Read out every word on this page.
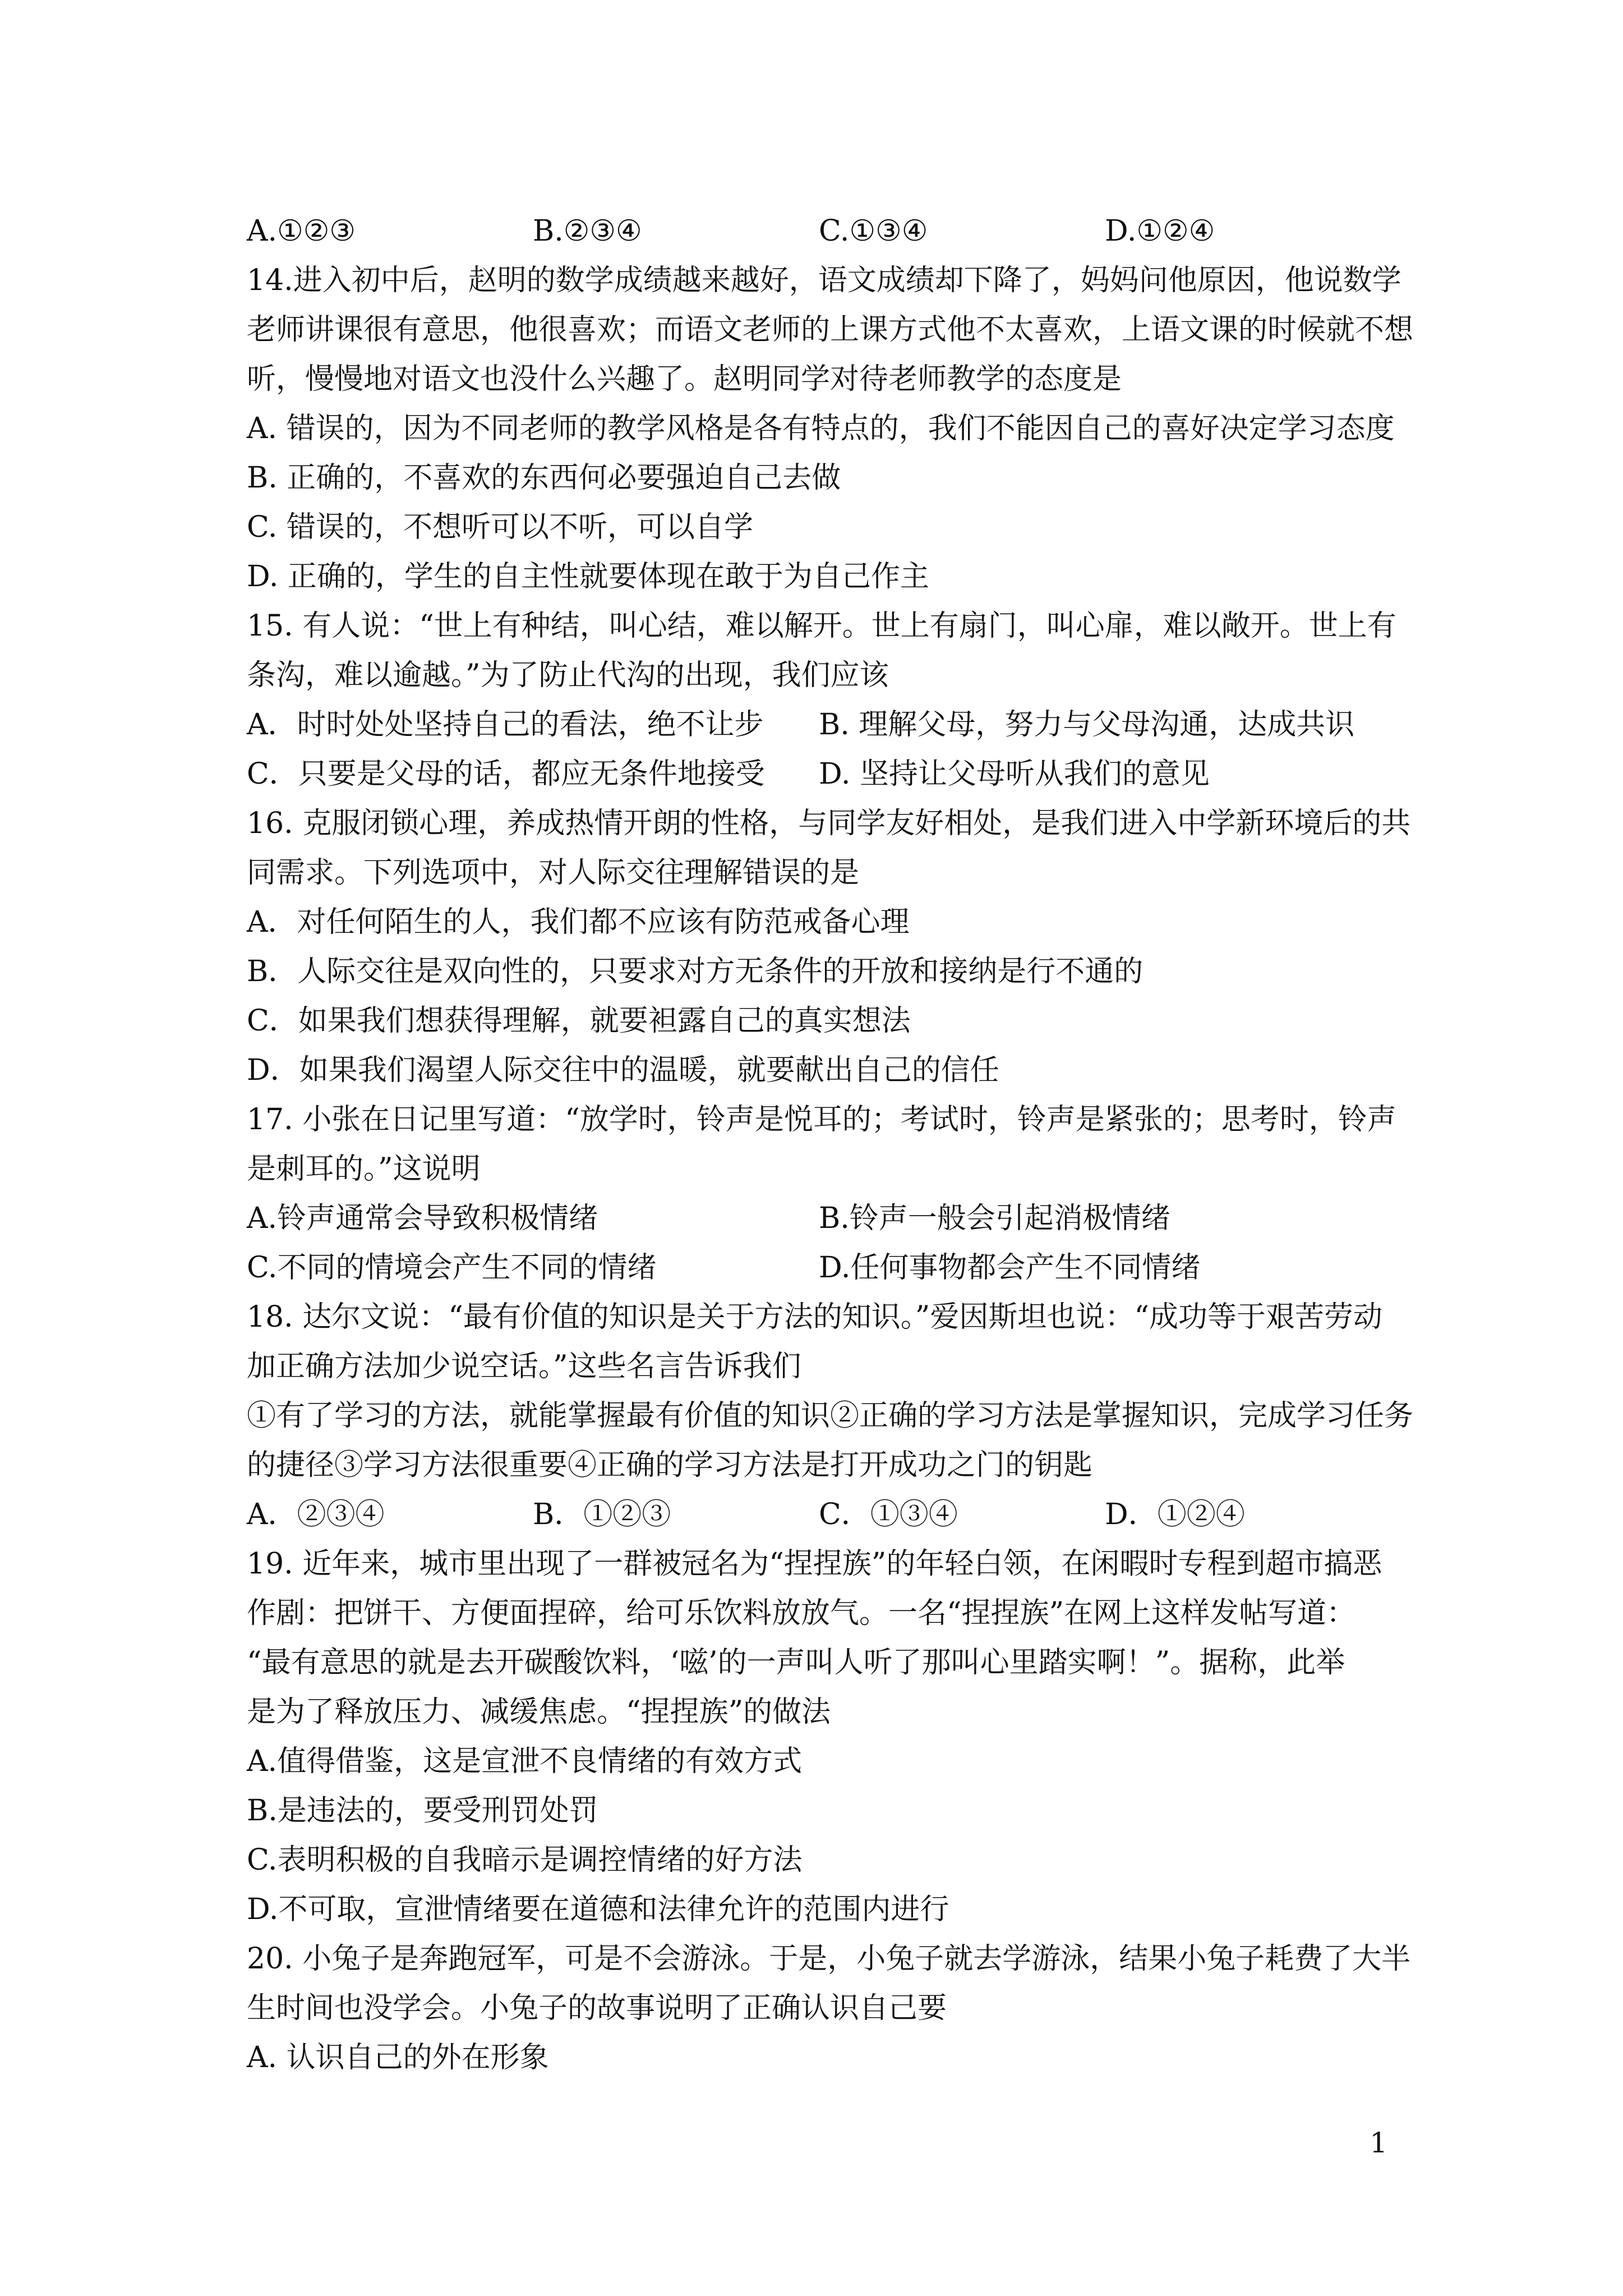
A.①②③	B.②③④	C.①③④	D.①②④
14.进入初中后，赵明的数学成绩越来越好，语文成绩却下降了，妈妈问他原因，他说数学
老师讲课很有意思，他很喜欢；而语文老师的上课方式他不太喜欢，上语文课的时候就不想
听，慢慢地对语文也没什么兴趣了。赵明同学对待老师教学的态度是
A. 错误的，因为不同老师的教学风格是各有特点的，我们不能因自己的喜好决定学习态度
B. 正确的，不喜欢的东西何必要强迫自己去做
C. 错误的，不想听可以不听，可以自学
D. 正确的，学生的自主性就要体现在敢于为自己作主
15. 有人说：“世上有种结，叫心结，难以解开。世上有扇门，叫心扉，难以敞开。世上有
条沟，难以逾越。”为了防止代沟的出现，我们应该
A．时时处处坚持自己的看法，绝不让步	B. 理解父母，努力与父母沟通，达成共识
C．只要是父母的话，都应无条件地接受	D. 坚持让父母听从我们的意见
16. 克服闭锁心理，养成热情开朗的性格，与同学友好相处，是我们进入中学新环境后的共
同需求。下列选项中，对人际交往理解错误的是
A．对任何陌生的人，我们都不应该有防范戒备心理
B．人际交往是双向性的，只要求对方无条件的开放和接纳是行不通的
C．如果我们想获得理解，就要袒露自己的真实想法
D．如果我们渴望人际交往中的温暖，就要献出自己的信任
17. 小张在日记里写道：“放学时，铃声是悦耳的；考试时，铃声是紧张的；思考时，铃声
是刺耳的。”这说明
A.铃声通常会导致积极情绪	B.铃声一般会引起消极情绪
C.不同的情境会产生不同的情绪	D.任何事物都会产生不同情绪
18. 达尔文说：“最有价值的知识是关于方法的知识。”爱因斯坦也说：“成功等于艰苦劳动
加正确方法加少说空话。”这些名言告诉我们
①有了学习的方法，就能掌握最有价值的知识②正确的学习方法是掌握知识，完成学习任务
的捷径③学习方法很重要④正确的学习方法是打开成功之门的钥匙
A．②③④	B．①②③	C．①③④	D．①②④
19. 近年来，城市里出现了一群被冠名为“捏捏族”的年轻白领，在闲暇时专程到超市搞恶
作剧：把饼干、方便面捏碎，给可乐饮料放放气。一名“捏捏族”在网上这样发帖写道：
“最有意思的就是去开碳酸饮料，‘嗞’的一声叫人听了那叫心里踏实啊！”。据称，此举
是为了释放压力、减缓焦虑。“捏捏族”的做法
A.值得借鉴，这是宣泄不良情绪的有效方式
B.是违法的，要受刑罚处罚
C.表明积极的自我暗示是调控情绪的好方法
D.不可取，宣泄情绪要在道德和法律允许的范围内进行
20. 小兔子是奔跑冠军，可是不会游泳。于是，小兔子就去学游泳，结果小兔子耗费了大半
生时间也没学会。小兔子的故事说明了正确认识自己要
A. 认识自己的外在形象
1
